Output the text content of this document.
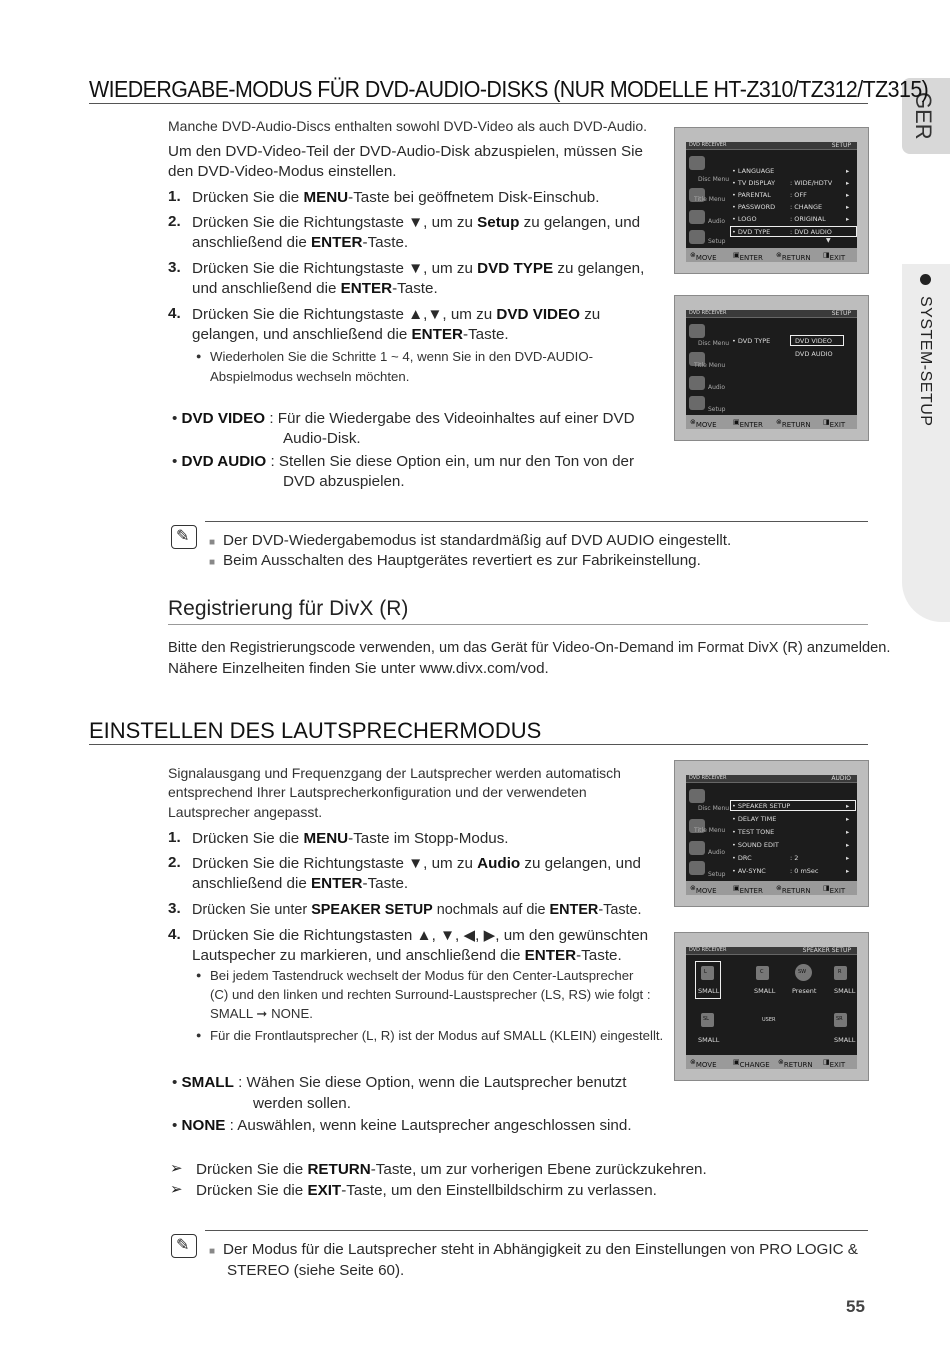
GER
SYSTEM-SETUP
WIEDERGABE-MODUS FÜR DVD-AUDIO-DISKS (NUR MODELLE HT-Z310/TZ312/TZ315)
Manche DVD-Audio-Discs enthalten sowohl DVD-Video als auch DVD-Audio.
Um den DVD-Video-Teil der DVD-Audio-Disk abzuspielen, müssen Sie
den DVD-Video-Modus einstellen.
1. Drücken Sie die MENU-Taste bei geöffnetem Disk-Einschub.
2. Drücken Sie die Richtungstaste ▼, um zu Setup zu gelangen, und
anschließend die ENTER-Taste.
3. Drücken Sie die Richtungstaste ▼, um zu DVD TYPE zu gelangen,
und anschließend die ENTER-Taste.
4. Drücken Sie die Richtungstaste ▲,▼, um zu DVD VIDEO zu
gelangen, und anschließend die ENTER-Taste.
● Wiederholen Sie die Schritte 1 ~ 4, wenn Sie in den DVD-AUDIO-
Abspielmodus wechseln möchten.
• DVD VIDEO : Für die Wiedergabe des Videoinhaltes auf einer DVD
Audio-Disk.
• DVD AUDIO : Stellen Sie diese Option ein, um nur den Ton von der
DVD abzuspielen.
DVD RECEIVER	SETUP
Disc Menu
Title Menu
Audio
Setup
• LANGUAGE	▸
• TV DISPLAY : WIDE/HDTV ▸
• PARENTAL	: OFF	▸
• PASSWORD : CHANGE	▸
• LOGO	: ORIGINAL	▸
• DVD TYPE	: DVD AUDIO
▼
⊗ MOVE ▣ ENTER ⊗ RETURN ◨ EXIT
DVD RECEIVER	SETUP
Disc Menu
Title Menu
Audio
Setup
• DVD TYPE	DVD VIDEO
DVD AUDIO
⊗ MOVE ▣ ENTER ⊗ RETURN ◨ EXIT
✎
■ Der DVD-Wiedergabemodus ist standardmäßig auf DVD AUDIO eingestellt.
■ Beim Ausschalten des Hauptgerätes revertiert es zur Fabrikeinstellung.
Registrierung für DivX (R)
Bitte den Registrierungscode verwenden, um das Gerät für Video-On-Demand im Format DivX (R) anzumelden.
Nähere Einzelheiten finden Sie unter www.divx.com/vod.
EINSTELLEN DES LAUTSPRECHERMODUS
Signalausgang und Frequenzgang der Lautsprecher werden automatisch
entsprechend Ihrer Lautsprecherkonfiguration und der verwendeten
Lautsprecher angepasst.
1. Drücken Sie die MENU-Taste im Stopp-Modus.
2. Drücken Sie die Richtungstaste ▼, um zu Audio zu gelangen, und
anschließend die ENTER-Taste.
3. Drücken Sie unter SPEAKER SETUP nochmals auf die ENTER-Taste.
4. Drücken Sie die Richtungstasten ▲, ▼, ◀, ▶, um den gewünschten
Lautspecher zu markieren, und anschließend die ENTER-Taste.
● Bei jedem Tastendruck wechselt der Modus für den Center-Lautsprecher
(C) und den linken und rechten Surround-Laustsprecher (LS, RS) wie folgt :
SMALL ➞ NONE.
● Für die Frontlautsprecher (L, R) ist der Modus auf SMALL (KLEIN) eingestellt.
• SMALL : Wähen Sie diese Option, wenn die Lautsprecher benutzt
werden sollen.
• NONE : Auswählen, wenn keine Lautsprecher angeschlossen sind.
➢ Drücken Sie die RETURN-Taste, um zur vorherigen Ebene zurückzukehren.
➢ Drücken Sie die EXIT-Taste, um den Einstellbildschirm zu verlassen.
DVD RECEIVER	AUDIO
Disc Menu
Title Menu
Audio
Setup
• SPEAKER SETUP	▸
• DELAY TIME	▸
• TEST TONE	▸
• SOUND EDIT	▸
• DRC	: 2	▸
• AV-SYNC	: 0 mSec	▸
⊗ MOVE ▣ ENTER ⊗ RETURN ◨ EXIT
DVD RECEIVER	SPEAKER SETUP
L
SMALL
C
SMALL
SW
Present
R
SMALL
SL
SMALL
USER	SR
SMALL
⊗ MOVE ▣ CHANGE ⊗ RETURN ◨ EXIT
✎
■ Der Modus für die Lautsprecher steht in Abhängigkeit zu den Einstellungen von PRO LOGIC &
STEREO (siehe Seite 60).
55
